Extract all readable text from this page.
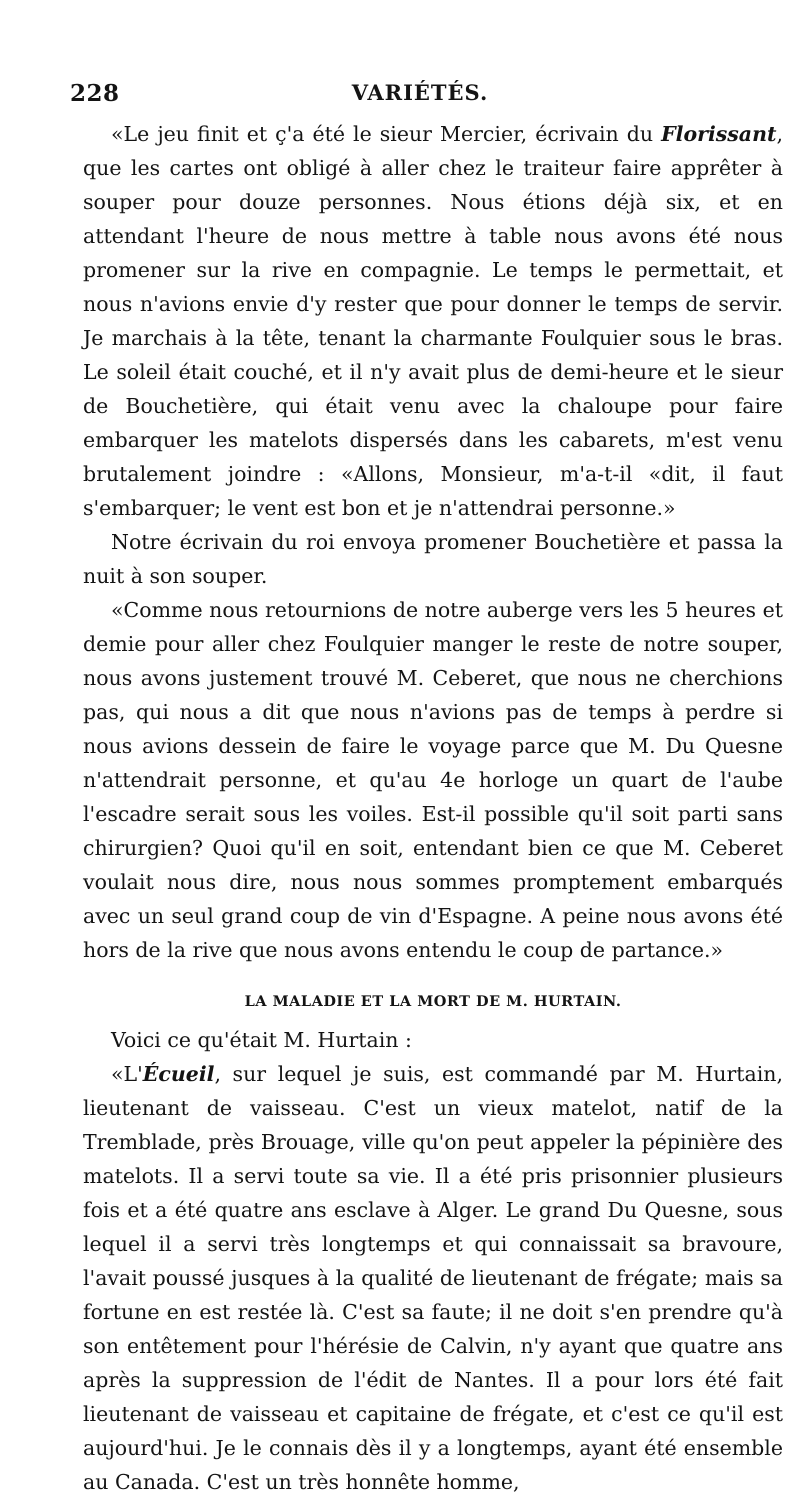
228	VARIÉTÉS.

«Le jeu finit et ç'a été le sieur Mercier, écrivain du Florissant, que les cartes ont obligé à aller chez le traiteur faire apprêter à souper pour douze personnes. Nous étions déjà six, et en attendant l'heure de nous mettre à table nous avons été nous promener sur la rive en compagnie. Le temps le permettait, et nous n'avions envie d'y rester que pour donner le temps de servir. Je marchais à la tête, tenant la charmante Foulquier sous le bras. Le soleil était couché, et il n'y avait plus de demi-heure et le sieur de Bouchetière, qui était venu avec la chaloupe pour faire embarquer les matelots dispersés dans les cabarets, m'est venu brutalement joindre : «Allons, Monsieur, m'a-t-il «dit, il faut s'embarquer; le vent est bon et je n'attendrai personne.»

Notre écrivain du roi envoya promener Bouchetière et passa la nuit à son souper.

«Comme nous retournions de notre auberge vers les 5 heures et demie pour aller chez Foulquier manger le reste de notre souper, nous avons justement trouvé M. Ceberet, que nous ne cherchions pas, qui nous a dit que nous n'avions pas de temps à perdre si nous avions dessein de faire le voyage parce que M. Du Quesne n'attendrait personne, et qu'au 4e horloge un quart de l'aube l'escadre serait sous les voiles. Est-il possible qu'il soit parti sans chirurgien? Quoi qu'il en soit, entendant bien ce que M. Ceberet voulait nous dire, nous nous sommes promptement embarqués avec un seul grand coup de vin d'Espagne. A peine nous avons été hors de la rive que nous avons entendu le coup de partance.»

LA MALADIE ET LA MORT DE M. HURTAIN.

Voici ce qu'était M. Hurtain :

«L'Écueil, sur lequel je suis, est commandé par M. Hurtain, lieutenant de vaisseau. C'est un vieux matelot, natif de la Tremblade, près Brouage, ville qu'on peut appeler la pépinière des matelots. Il a servi toute sa vie. Il a été pris prisonnier plusieurs fois et a été quatre ans esclave à Alger. Le grand Du Quesne, sous lequel il a servi très longtemps et qui connaissait sa bravoure, l'avait poussé jusques à la qualité de lieutenant de frégate; mais sa fortune en est restée là. C'est sa faute; il ne doit s'en prendre qu'à son entêtement pour l'hérésie de Calvin, n'y ayant que quatre ans après la suppression de l'édit de Nantes. Il a pour lors été fait lieutenant de vaisseau et capitaine de frégate, et c'est ce qu'il est aujourd'hui. Je le connais dès il y a longtemps, ayant été ensemble au Canada. C'est un très honnête homme,
